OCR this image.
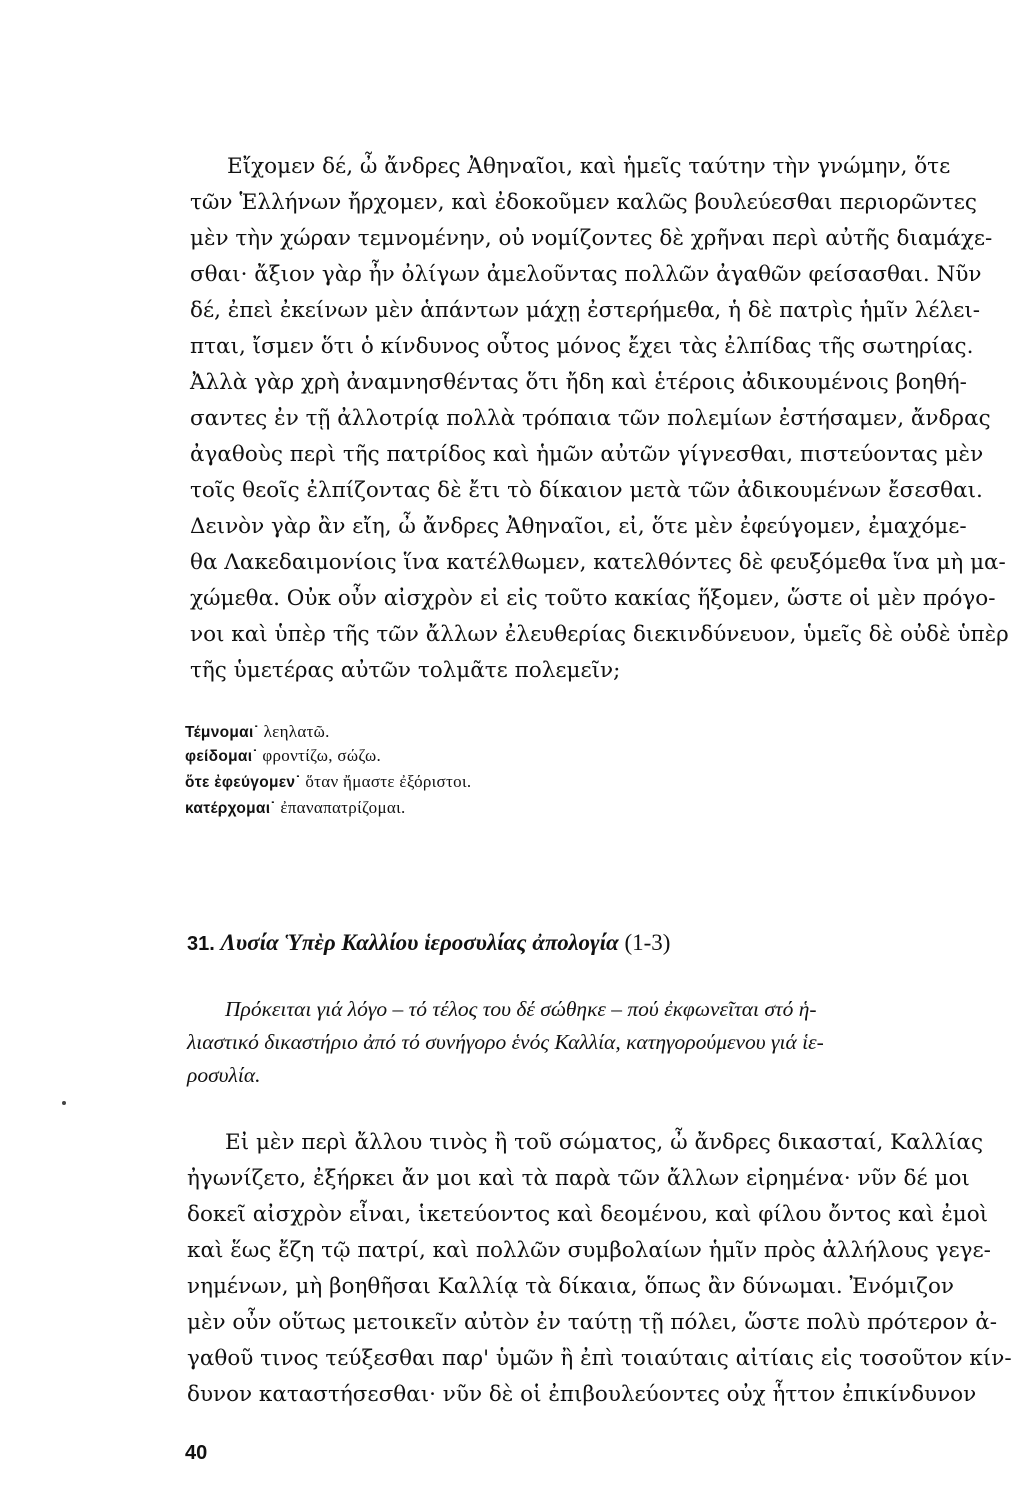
Εἴχομεν δέ, ὦ ἄνδρες Ἀθηναῖοι, καὶ ἡμεῖς ταύτην τὴν γνώμην, ὅτε
τῶν Ἑλλήνων ἤρχομεν, καὶ ἐδοκοῦμεν καλῶς βουλεύεσθαι περιορῶντες
μὲν τὴν χώραν τεμνομένην, οὐ νομίζοντες δὲ χρῆναι περὶ αὐτῆς διαμάχε-
σθαι· ἄξιον γὰρ ἦν ὀλίγων ἀμελοῦντας πολλῶν ἀγαθῶν φείσασθαι. Νῦν
δέ, ἐπεὶ ἐκείνων μὲν ἁπάντων μάχῃ ἐστερήμεθα, ἡ δὲ πατρὶς ἡμῖν λέλει-
πται, ἴσμεν ὅτι ὁ κίνδυνος οὗτος μόνος ἔχει τὰς ἐλπίδας τῆς σωτηρίας.
Ἀλλὰ γὰρ χρὴ ἀναμνησθέντας ὅτι ἤδη καὶ ἑτέροις ἀδικουμένοις βοηθή-
σαντες ἐν τῇ ἀλλοτρίᾳ πολλὰ τρόπαια τῶν πολεμίων ἐστήσαμεν, ἄνδρας
ἀγαθοὺς περὶ τῆς πατρίδος καὶ ἡμῶν αὐτῶν γίγνεσθαι, πιστεύοντας μὲν
τοῖς θεοῖς ἐλπίζοντας δὲ ἔτι τὸ δίκαιον μετὰ τῶν ἀδικουμένων ἔσεσθαι.
Δεινὸν γὰρ ἂν εἴη, ὦ ἄνδρες Ἀθηναῖοι, εἰ, ὅτε μὲν ἐφεύγομεν, ἐμαχόμε-
θα Λακεδαιμονίοις ἵνα κατέλθωμεν, κατελθόντες δὲ φευξόμεθα ἵνα μὴ μα-
χώμεθα. Οὐκ οὖν αἰσχρὸν εἰ εἰς τοῦτο κακίας ἥξομεν, ὥστε οἱ μὲν πρόγο-
νοι καὶ ὑπὲρ τῆς τῶν ἄλλων ἐλευθερίας διεκινδύνευον, ὑμεῖς δὲ οὐδὲ ὑπὲρ
τῆς ὑμετέρας αὐτῶν τολμᾶτε πολεμεῖν;
Τέμνομαι˙ λεηλατῶ.
φείδομαι˙ φροντίζω, σώζω.
ὅτε ἐφεύγομεν˙ ὅταν ἤμαστε ἐξόριστοι.
κατέρχομαι˙ ἐπαναπατρίζομαι.
31. Λυσία Ὑπὲρ Καλλίου ἱεροσυλίας ἀπολογία (1-3)
Πρόκειται γιά λόγο – τό τέλος του δέ σώθηκε – πού ἐκφωνεῖται στό ἡ-
λιαστικό δικαστήριο ἀπό τό συνήγορο ἑνός Καλλία, κατηγορούμενου γιά ἱε-
ροσυλία.
Εἰ μὲν περὶ ἄλλου τινὸς ἢ τοῦ σώματος, ὦ ἄνδρες δικασταί, Καλλίας
ἠγωνίζετο, ἐξήρκει ἄν μοι καὶ τὰ παρὰ τῶν ἄλλων εἰρημένα· νῦν δέ μοι
δοκεῖ αἰσχρὸν εἶναι, ἱκετεύοντος καὶ δεομένου, καὶ φίλου ὄντος καὶ ἐμοὶ
καὶ ἕως ἔζη τῷ πατρί, καὶ πολλῶν συμβολαίων ἡμῖν πρὸς ἀλλήλους γεγε-
νημένων, μὴ βοηθῆσαι Καλλίᾳ τὰ δίκαια, ὅπως ἂν δύνωμαι. Ἐνόμιζον
μὲν οὖν οὕτως μετοικεῖν αὐτὸν ἐν ταύτῃ τῇ πόλει, ὥστε πολὺ πρότερον ἀ-
γαθοῦ τινος τεύξεσθαι παρ' ὑμῶν ἢ ἐπὶ τοιαύταις αἰτίαις εἰς τοσοῦτον κίν-
δυνον καταστήσεσθαι· νῦν δὲ οἱ ἐπιβουλεύοντες οὐχ ἧττον ἐπικίνδυνον
40
